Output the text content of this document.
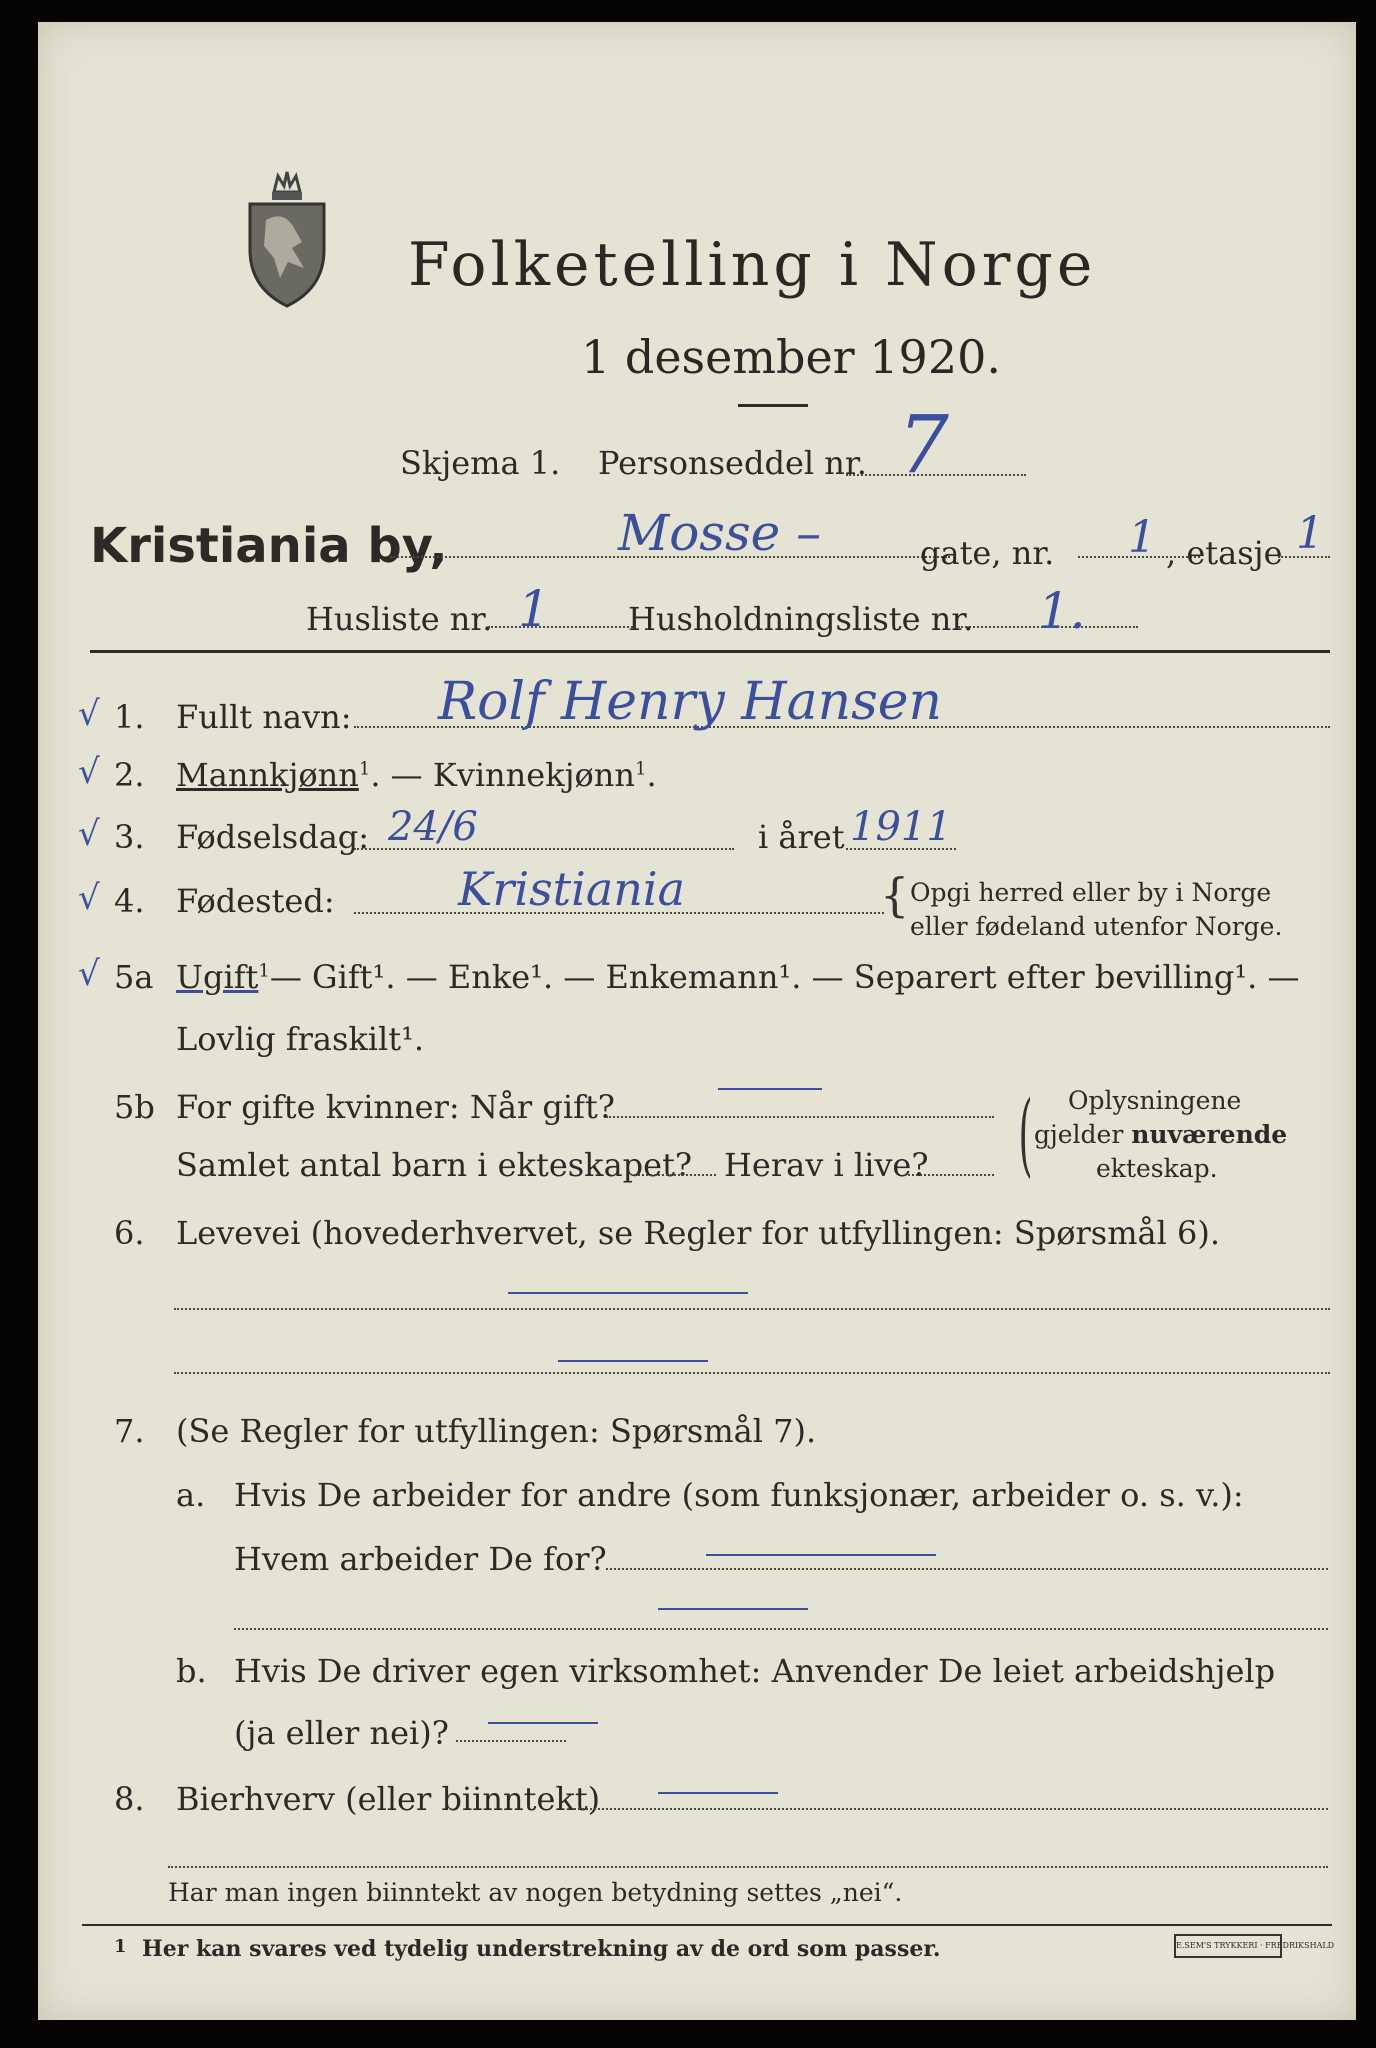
Folketelling i Norge
1 desember 1920.
Skjema 1. Personseddel nr. 7
Kristiania by,	Mosse –	gate, nr. 1 , etasje 1
Husliste nr. 1 Husholdningsliste nr. 1.
√ 1. Fullt navn: Rolf Henry Hansen
√ 2. Mannkjønn$^1$. — Kvinnekjønn$^1$.
√ 3. Fødselsdag: 24/6	i året 1911
√ 4. Fødested:	Kristiania	{ Opgi herred eller by i Norge
eller fødeland utenfor Norge.
√ 5a Ugift$^1$— Gift¹. — Enke¹. — Enkemann¹. — Separert efter bevilling¹. —
Lovlig fraskilt¹.
5b For gifte kvinner: Når gift?
Samlet antal barn i ekteskapet? Herav i live? ( Oplysningene
gjelder nuværende
ekteskap.
6. Levevei (hovederhvervet, se Regler for utfyllingen: Spørsmål 6).
7. (Se Regler for utfyllingen: Spørsmål 7).
a. Hvis De arbeider for andre (som funksjonær, arbeider o. s. v.):
Hvem arbeider De for?
b. Hvis De driver egen virksomhet: Anvender De leiet arbeidshjelp
(ja eller nei)?
8. Bierhverv (eller biinntekt)
Har man ingen biinntekt av nogen betydning settes „nei“.
1 Her kan svares ved tydelig understrekning av de ord som passer.	E.SEM'S TRYKKERI · FREDRIKSHALD
